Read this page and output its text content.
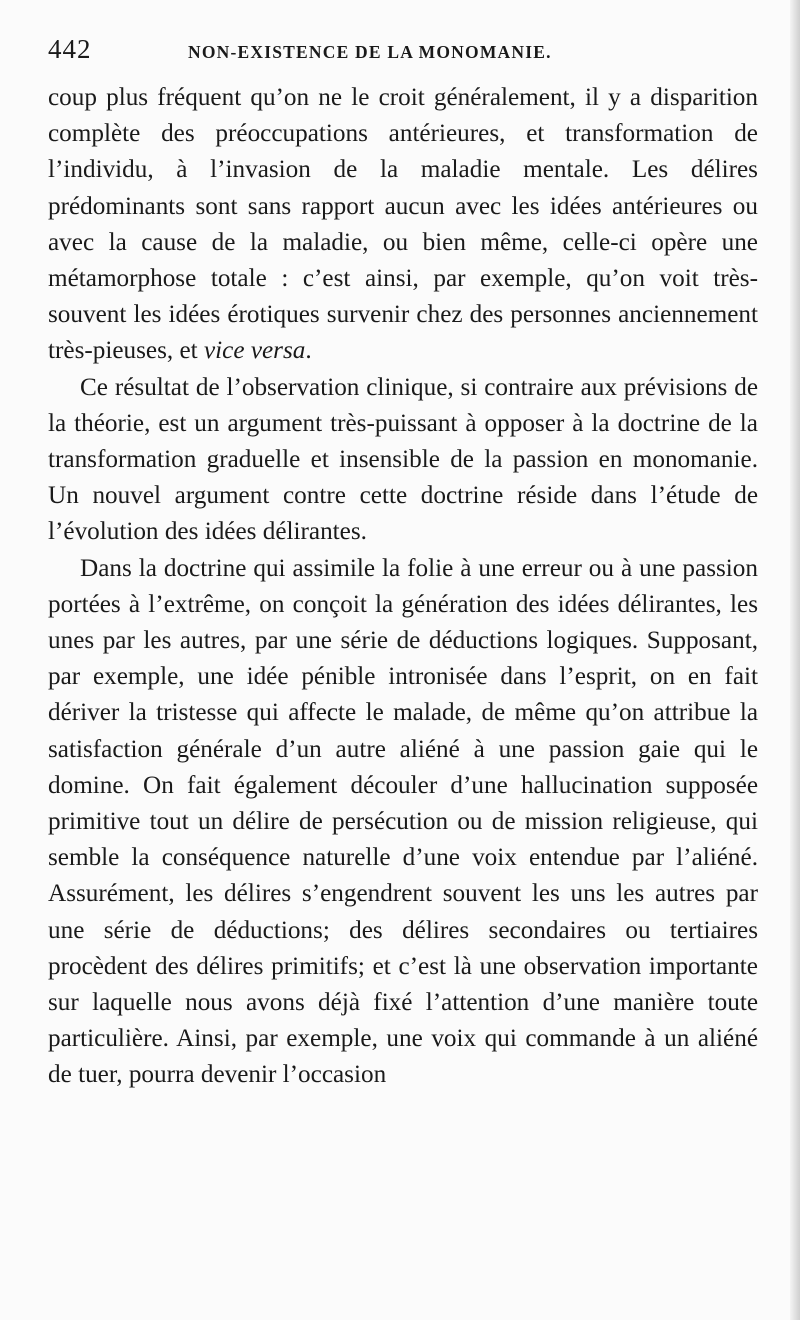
442	NON-EXISTENCE DE LA MONOMANIE.

coup plus fréquent qu’on ne le croit généralement, il y a disparition complète des préoccupations antérieures, et transformation de l’individu, à l’invasion de la maladie mentale. Les délires prédominants sont sans rapport aucun avec les idées antérieures ou avec la cause de la maladie, ou bien même, celle-ci opère une métamorphose totale : c’est ainsi, par exemple, qu’on voit très-souvent les idées érotiques survenir chez des personnes anciennement très-pieuses, et vice versa.

Ce résultat de l’observation clinique, si contraire aux prévisions de la théorie, est un argument très-puissant à opposer à la doctrine de la transformation graduelle et insensible de la passion en monomanie. Un nouvel argument contre cette doctrine réside dans l’étude de l’évolution des idées délirantes.

Dans la doctrine qui assimile la folie à une erreur ou à une passion portées à l’extrême, on conçoit la génération des idées délirantes, les unes par les autres, par une série de déductions logiques. Supposant, par exemple, une idée pénible intronisée dans l’esprit, on en fait dériver la tristesse qui affecte le malade, de même qu’on attribue la satisfaction générale d’un autre aliéné à une passion gaie qui le domine. On fait également découler d’une hallucination supposée primitive tout un délire de persécution ou de mission religieuse, qui semble la conséquence naturelle d’une voix entendue par l’aliéné. Assurément, les délires s’engendrent souvent les uns les autres par une série de déductions; des délires secondaires ou tertiaires procèdent des délires primitifs; et c’est là une observation importante sur laquelle nous avons déjà fixé l’attention d’une manière toute particulière. Ainsi, par exemple, une voix qui commande à un aliéné de tuer, pourra devenir l’occasion
